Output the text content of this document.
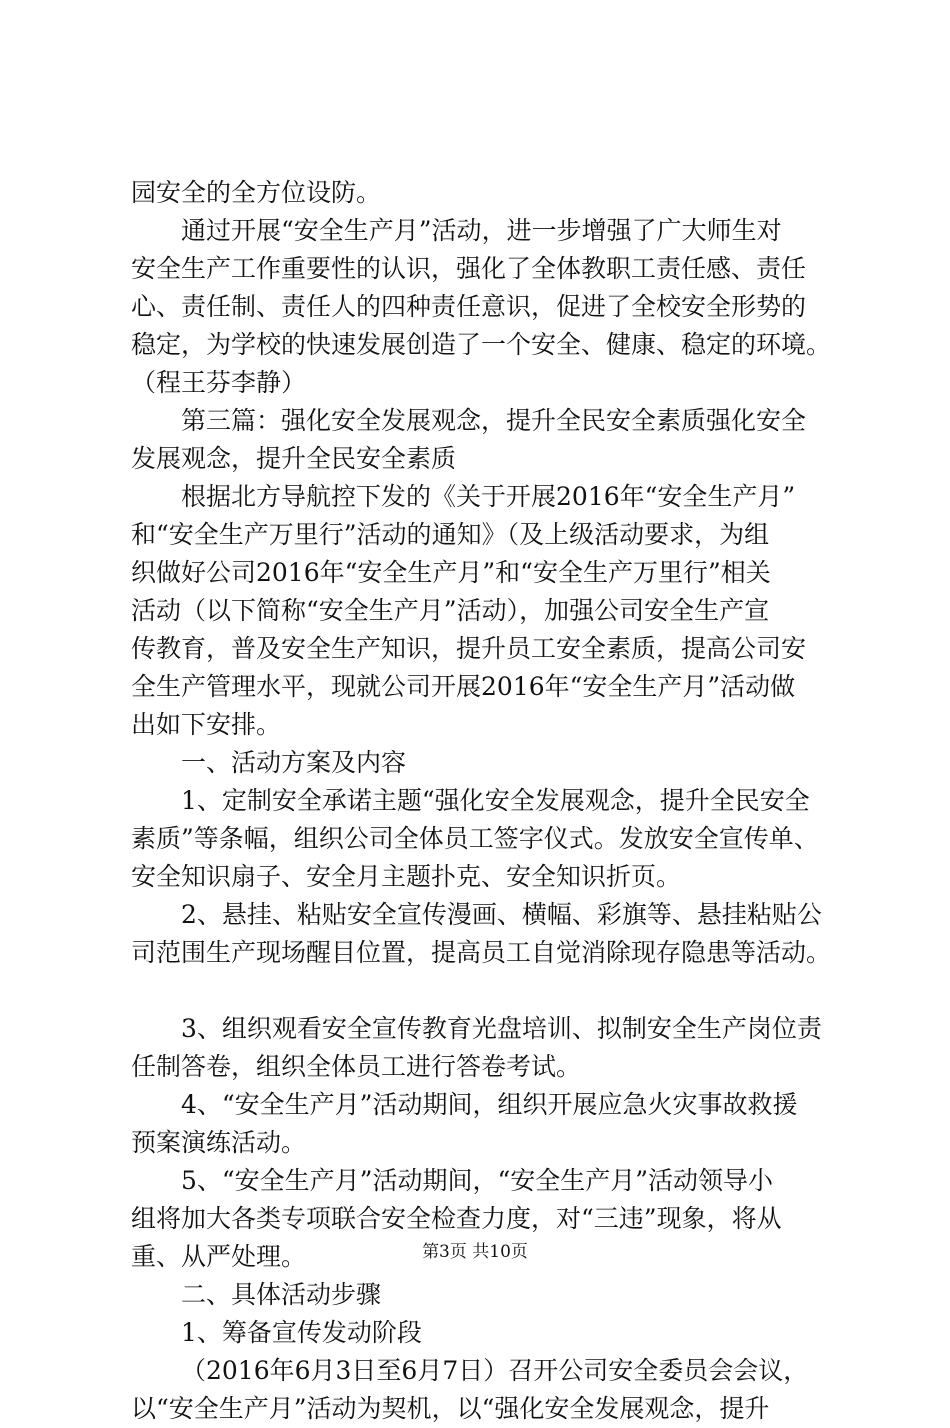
园安全的全方位设防。
通过开展“安全生产月”活动，进一步增强了广大师生对
安全生产工作重要性的认识，强化了全体教职工责任感、责任
心、责任制、责任人的四种责任意识，促进了全校安全形势的
稳定，为学校的快速发展创造了一个安全、健康、稳定的环境。
（程王芬李静）
第三篇：强化安全发展观念，提升全民安全素质强化安全
发展观念，提升全民安全素质
根据北方导航控下发的《关于开展2016年“安全生产月”
和“安全生产万里行”活动的通知》（及上级活动要求，为组
织做好公司2016年“安全生产月”和“安全生产万里行”相关
活动（以下简称“安全生产月”活动），加强公司安全生产宣
传教育，普及安全生产知识，提升员工安全素质，提高公司安
全生产管理水平，现就公司开展2016年“安全生产月”活动做
出如下安排。
一、活动方案及内容
1、定制安全承诺主题“强化安全发展观念，提升全民安全
素质”等条幅，组织公司全体员工签字仪式。发放安全宣传单、
安全知识扇子、安全月主题扑克、安全知识折页。
2、悬挂、粘贴安全宣传漫画、横幅、彩旗等、悬挂粘贴公
司范围生产现场醒目位置，提高员工自觉消除现存隐患等活动。
3、组织观看安全宣传教育光盘培训、拟制安全生产岗位责
任制答卷，组织全体员工进行答卷考试。
4、“安全生产月”活动期间，组织开展应急火灾事故救援
预案演练活动。
5、“安全生产月”活动期间，“安全生产月”活动领导小
组将加大各类专项联合安全检查力度，对“三违”现象，将从
重、从严处理。
二、具体活动步骤
1、筹备宣传发动阶段
（2016年6月3日至6月7日）召开公司安全委员会会议，
以“安全生产月”活动为契机，以“强化安全发展观念，提升
第3页 共10页
